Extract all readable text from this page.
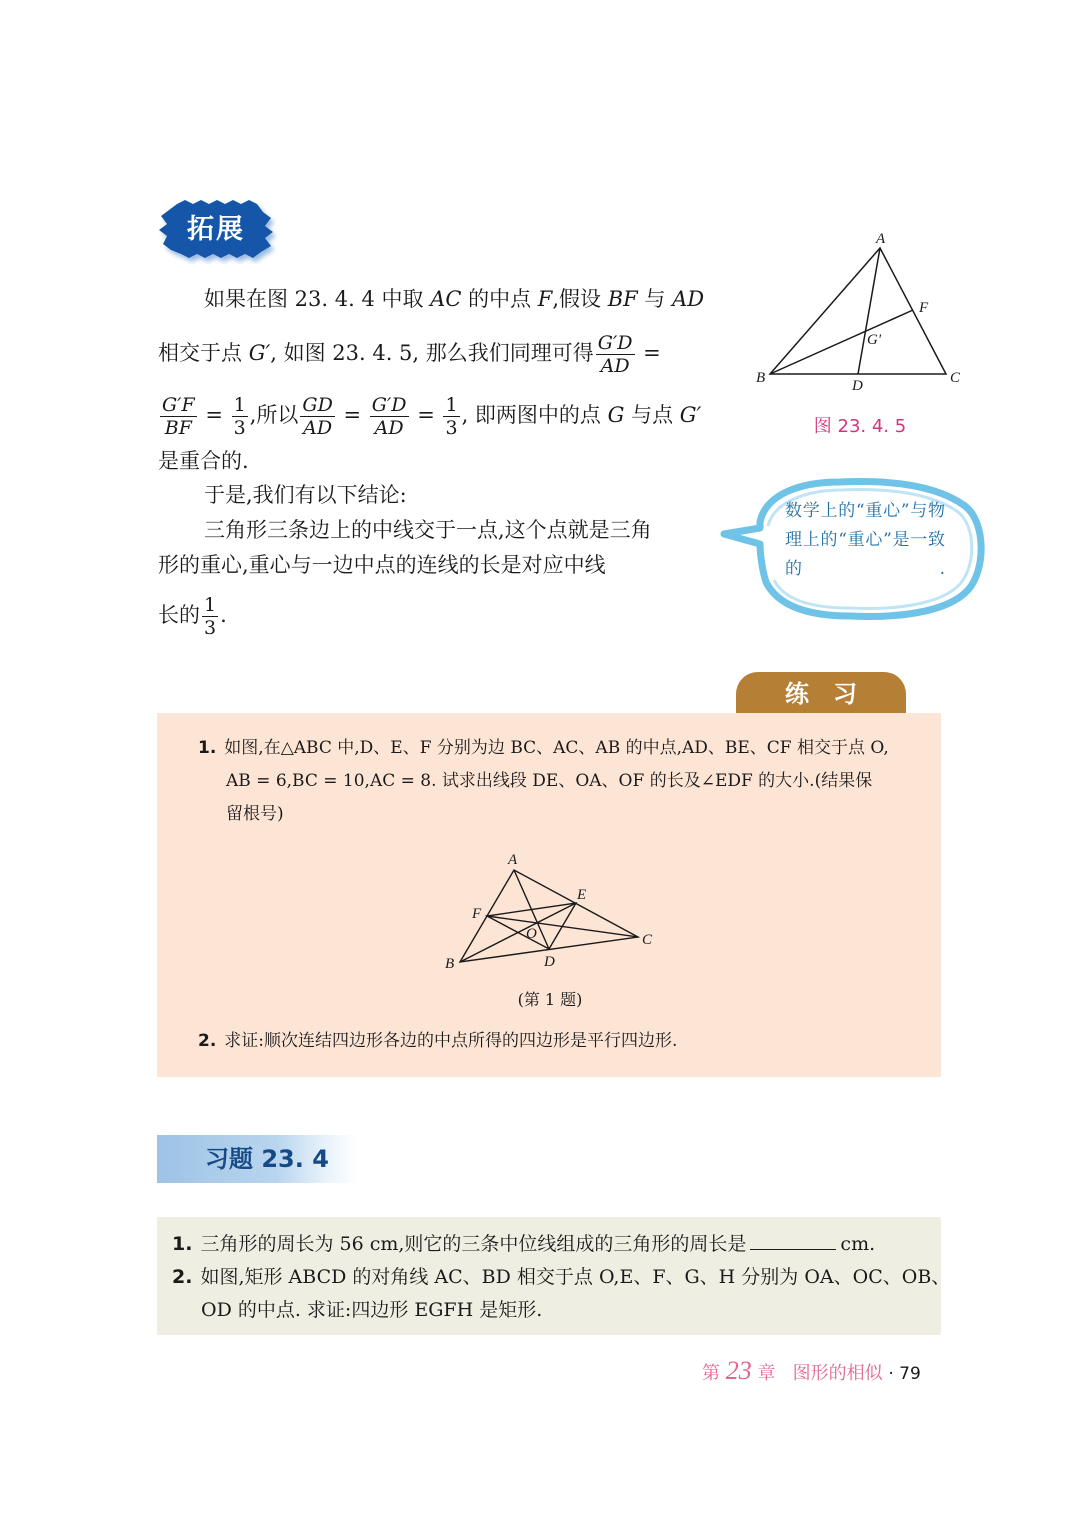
拓展
如果在图 23. 4. 4 中取 AC 的中点 F,假设 BF 与 AD
相交于点 G′, 如图 23. 4. 5, 那么我们同理可得 $\frac{G'D}{AD}$ =
$\frac{G'F}{BF} = \frac{1}{3}$ ,所以 $\frac{GD}{AD} = \frac{G'D}{AD} = \frac{1}{3}$ , 即两图中的点 G 与点 G′
是重合的.
于是,我们有以下结论:
三角形三条边上的中线交于一点,这个点就是三角
形的重心,重心与一边中点的连线的长是对应中线
长的 $\frac{1}{3}$ .
A
B	C
D
F
G′
图 23. 4. 5
数学上的“重心”与物理上的“重心”是一致的.
练习
1. 如图,在△ABC 中,D、E、F 分别为边 BC、AC、AB 的中点,AD、BE、CF 相交于点 O,
AB = 6,BC = 10,AC = 8. 试求出线段 DE、OA、OF 的长及∠EDF 的大小.(结果保
留根号)
A
B
C
D
E
F
O
(第 1 题)
2. 求证:顺次连结四边形各边的中点所得的四边形是平行四边形.
习题 23. 4
1. 三角形的周长为 56 cm,则它的三条中位线组成的三角形的周长是	cm.
2. 如图,矩形 ABCD 的对角线 AC、BD 相交于点 O,E、F、G、H 分别为 OA、OC、OB、
OD 的中点. 求证:四边形 EGFH 是矩形.
第 23 章 图形的相似 · 79
